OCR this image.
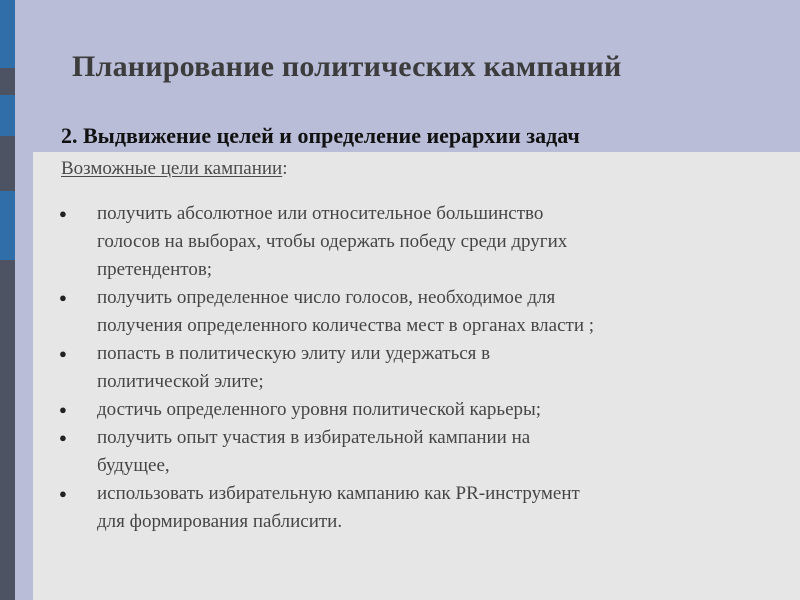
Планирование политических кампаний
2. Выдвижение целей и определение иерархии задач
Возможные цели кампании:
● получить абсолютное или относительное большинство
голосов на выборах, чтобы одержать победу среди других
претендентов;
● получить определенное число голосов, необходимое для
получения определенного количества мест в органах власти ;
● попасть в политическую элиту или удержаться в
политической элите;
● достичь определенного уровня политической карьеры;
● получить опыт участия в избирательной кампании на
будущее,
● использовать избирательную кампанию как PR-инструмент
для формирования паблисити.
